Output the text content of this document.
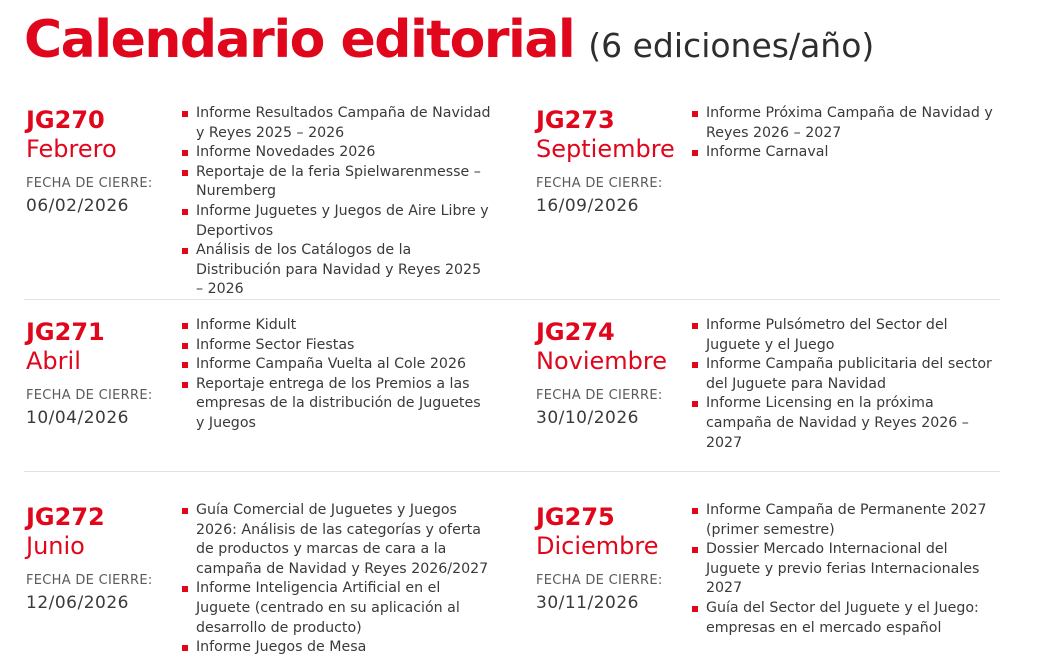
Calendario editorial (6 ediciones/año)
JG270
Febrero
FECHA DE CIERRE:
06/02/2026
JG273
Septiembre
FECHA DE CIERRE:
16/09/2026
JG271
Abril
FECHA DE CIERRE:
10/04/2026
JG274
Noviembre
FECHA DE CIERRE:
30/10/2026
JG272
Junio
FECHA DE CIERRE:
12/06/2026
JG275
Diciembre
FECHA DE CIERRE:
30/11/2026
Informe Resultados Campaña de Navidad y Reyes 2025 – 2026
Informe Novedades 2026
Reportaje de la feria Spielwarenmesse – Nuremberg
Informe Juguetes y Juegos de Aire Libre y Deportivos
Análisis de los Catálogos de la Distribución para Navidad y Reyes 2025 – 2026
Informe Próxima Campaña de Navidad y Reyes 2026 – 2027
Informe Carnaval
Informe Kidult
Informe Sector Fiestas
Informe Campaña Vuelta al Cole 2026
Reportaje entrega de los Premios a las empresas de la distribución de Juguetes y Juegos
Informe Pulsómetro del Sector del Juguete y el Juego
Informe Campaña publicitaria del sector del Juguete para Navidad
Informe Licensing en la próxima campaña de Navidad y Reyes 2026 – 2027
Guía Comercial de Juguetes y Juegos 2026: Análisis de las categorías y oferta de productos y marcas de cara a la campaña de Navidad y Reyes 2026/2027
Informe Inteligencia Artificial en el Juguete (centrado en su aplicación al desarrollo de producto)
Informe Juegos de Mesa
Informe Campaña de Permanente 2027 (primer semestre)
Dossier Mercado Internacional del Juguete y previo ferias Internacionales 2027
Guía del Sector del Juguete y el Juego: empresas en el mercado español
